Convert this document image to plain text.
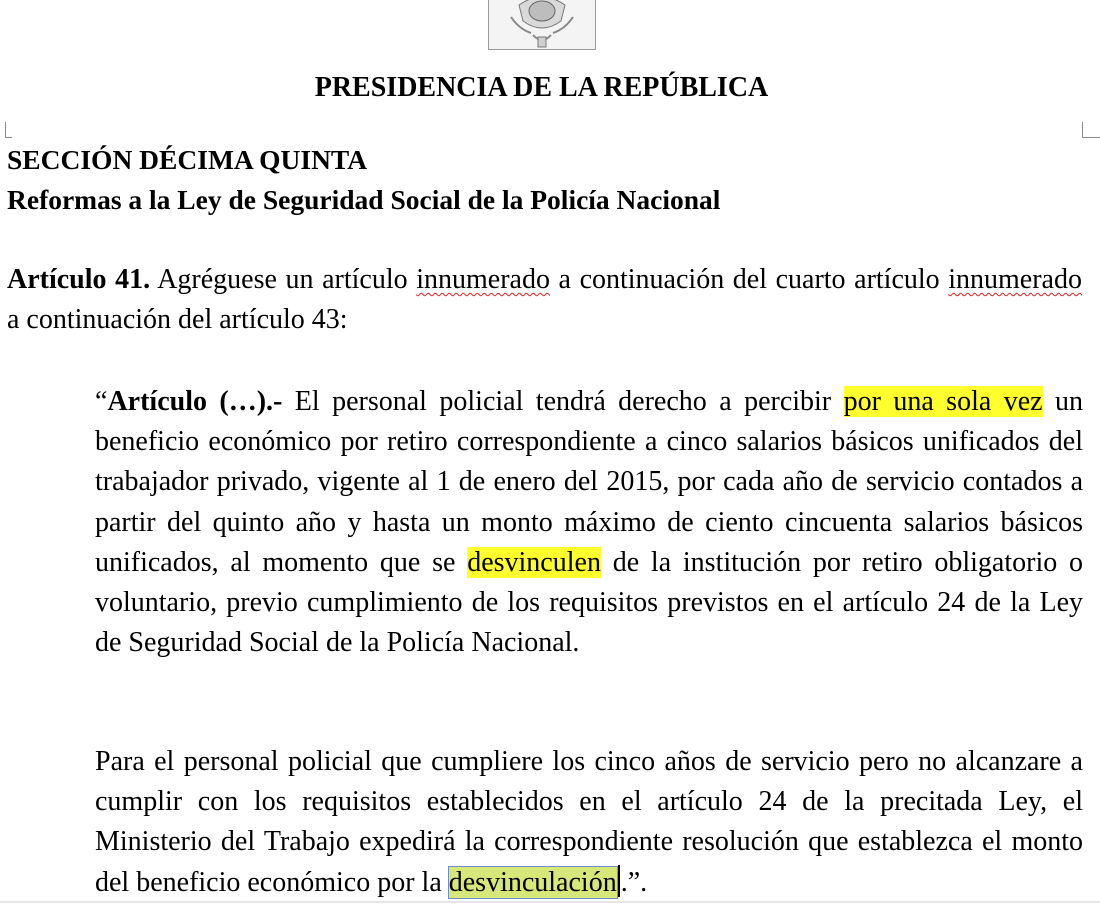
PRESIDENCIA DE LA REPÚBLICA
SECCIÓN DÉCIMA QUINTA
Reformas a la Ley de Seguridad Social de la Policía Nacional
Artículo 41. Agréguese un artículo innumerado a continuación del cuarto artículo innumerado a continuación del artículo 43:
“Artículo (…).- El personal policial tendrá derecho a percibir por una sola vez un beneficio económico por retiro correspondiente a cinco salarios básicos unificados del trabajador privado, vigente al 1 de enero del 2015, por cada año de servicio contados a partir del quinto año y hasta un monto máximo de ciento cincuenta salarios básicos unificados, al momento que se desvinculen de la institución por retiro obligatorio o voluntario, previo cumplimiento de los requisitos previstos en el artículo 24 de la Ley de Seguridad Social de la Policía Nacional.
Para el personal policial que cumpliere los cinco años de servicio pero no alcanzare a cumplir con los requisitos establecidos en el artículo 24 de la precitada Ley, el Ministerio del Trabajo expedirá la correspondiente resolución que establezca el monto del beneficio económico por la desvinculación .”.
